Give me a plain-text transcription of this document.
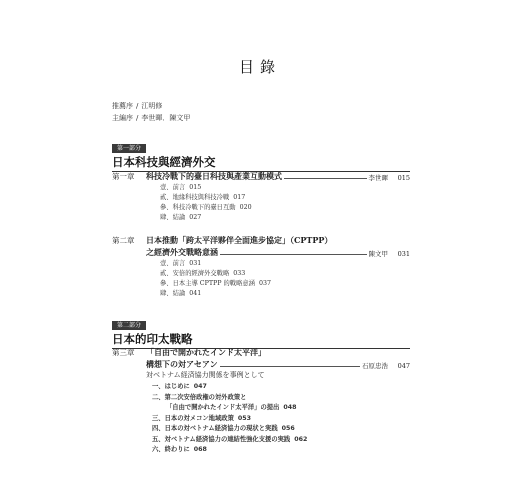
目錄
推薦序 / 江明修
主編序 / 李世暉．陳文甲
第一部分
日本科技與經濟外交
第一章	科技冷戰下的臺日科技與產業互動模式	李世暉	015
壹、前言 015
貳、地緣科技與科技冷戰 017
參、科技冷戰下的臺日互動 020
肆、結論 027
第二章	日本推動「跨太平洋夥伴全面進步協定」（CPTPP）
之經濟外交戰略意涵	陳文甲	031
壹、前言 031
貳、安倍的經濟外交戰略 033
參、日本主導 CPTPP 的戰略意涵 037
肆、結論 041
第二部分
日本的印太戰略
第三章	「自由で開かれたインド太平洋」
構想下の対アセアン	石原忠浩	047
対ベトナム経済協力関係を事例として
一、はじめに 047
二、第二次安倍政権の対外政策と
「自由で開かれたインド太平洋」の提出 048
三、日本の対メコン地域政策 053
四、日本の対ベトナム経済協力の現状と実践 056
五、対ベトナム経済協力の連結性強化支援の実践 062
六、終わりに 068
